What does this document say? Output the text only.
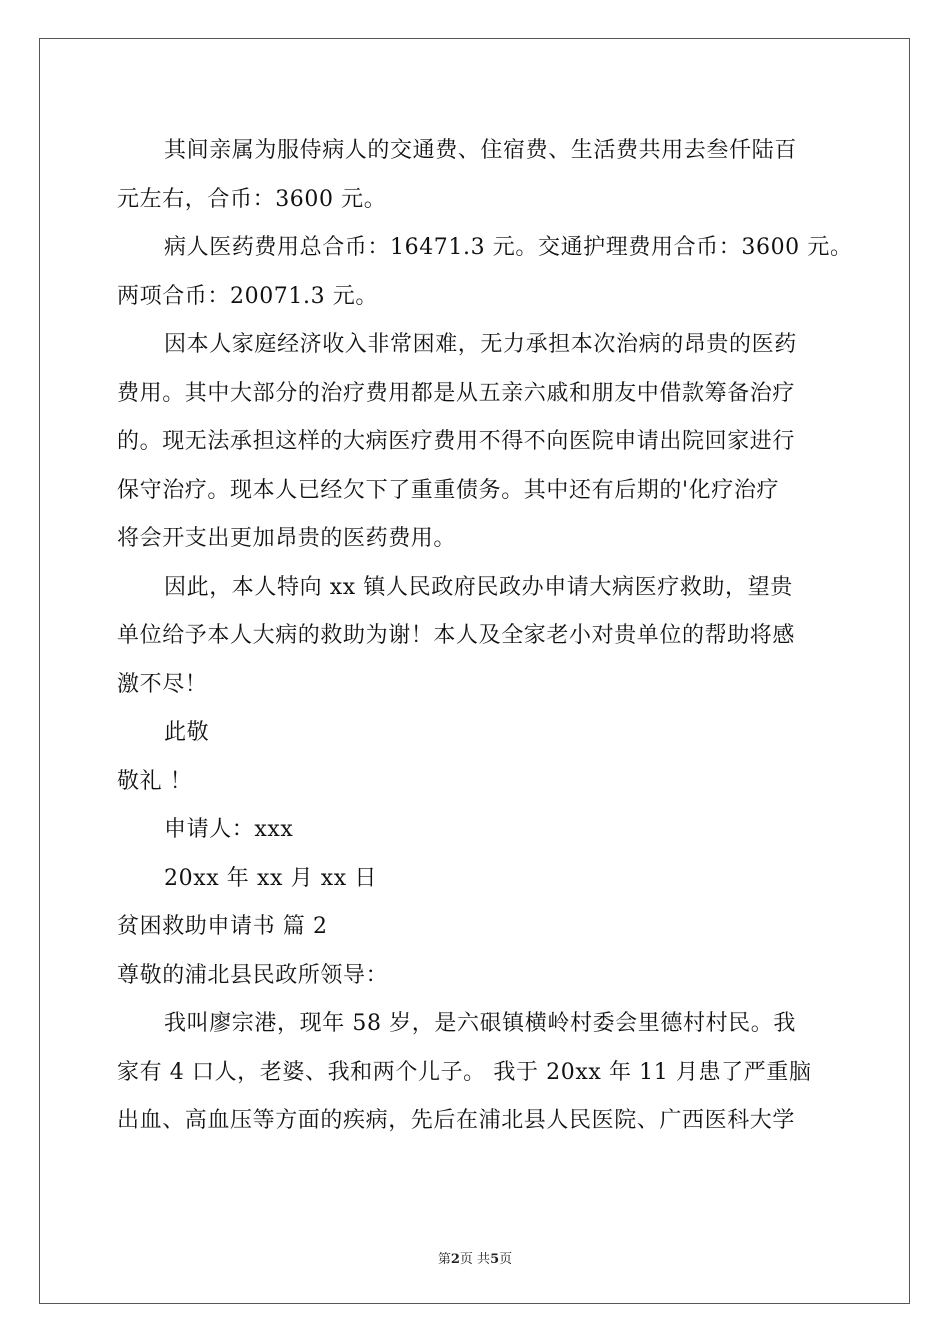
其间亲属为服侍病人的交通费、住宿费、生活费共用去叁仟陆百
元左右，合币：3600 元。
病人医药费用总合币：16471.3 元。交通护理费用合币：3600 元。
两项合币：20071.3 元。
因本人家庭经济收入非常困难，无力承担本次治病的昂贵的医药
费用。其中大部分的治疗费用都是从五亲六戚和朋友中借款筹备治疗
的。现无法承担这样的大病医疗费用不得不向医院申请出院回家进行
保守治疗。现本人已经欠下了重重债务。其中还有后期的'化疗治疗
将会开支出更加昂贵的医药费用。
因此，本人特向 xx 镇人民政府民政办申请大病医疗救助，望贵
单位给予本人大病的救助为谢！本人及全家老小对贵单位的帮助将感
激不尽！
此敬
敬礼 ！
申请人：xxx
20xx 年 xx 月 xx 日
贫困救助申请书 篇 2
尊敬的浦北县民政所领导：
我叫廖宗港，现年 58 岁，是六硍镇横岭村委会里德村村民。我
家有 4 口人，老婆、我和两个儿子。 我于 20xx 年 11 月患了严重脑
出血、高血压等方面的疾病，先后在浦北县人民医院、广西医科大学
第2页 共5页
